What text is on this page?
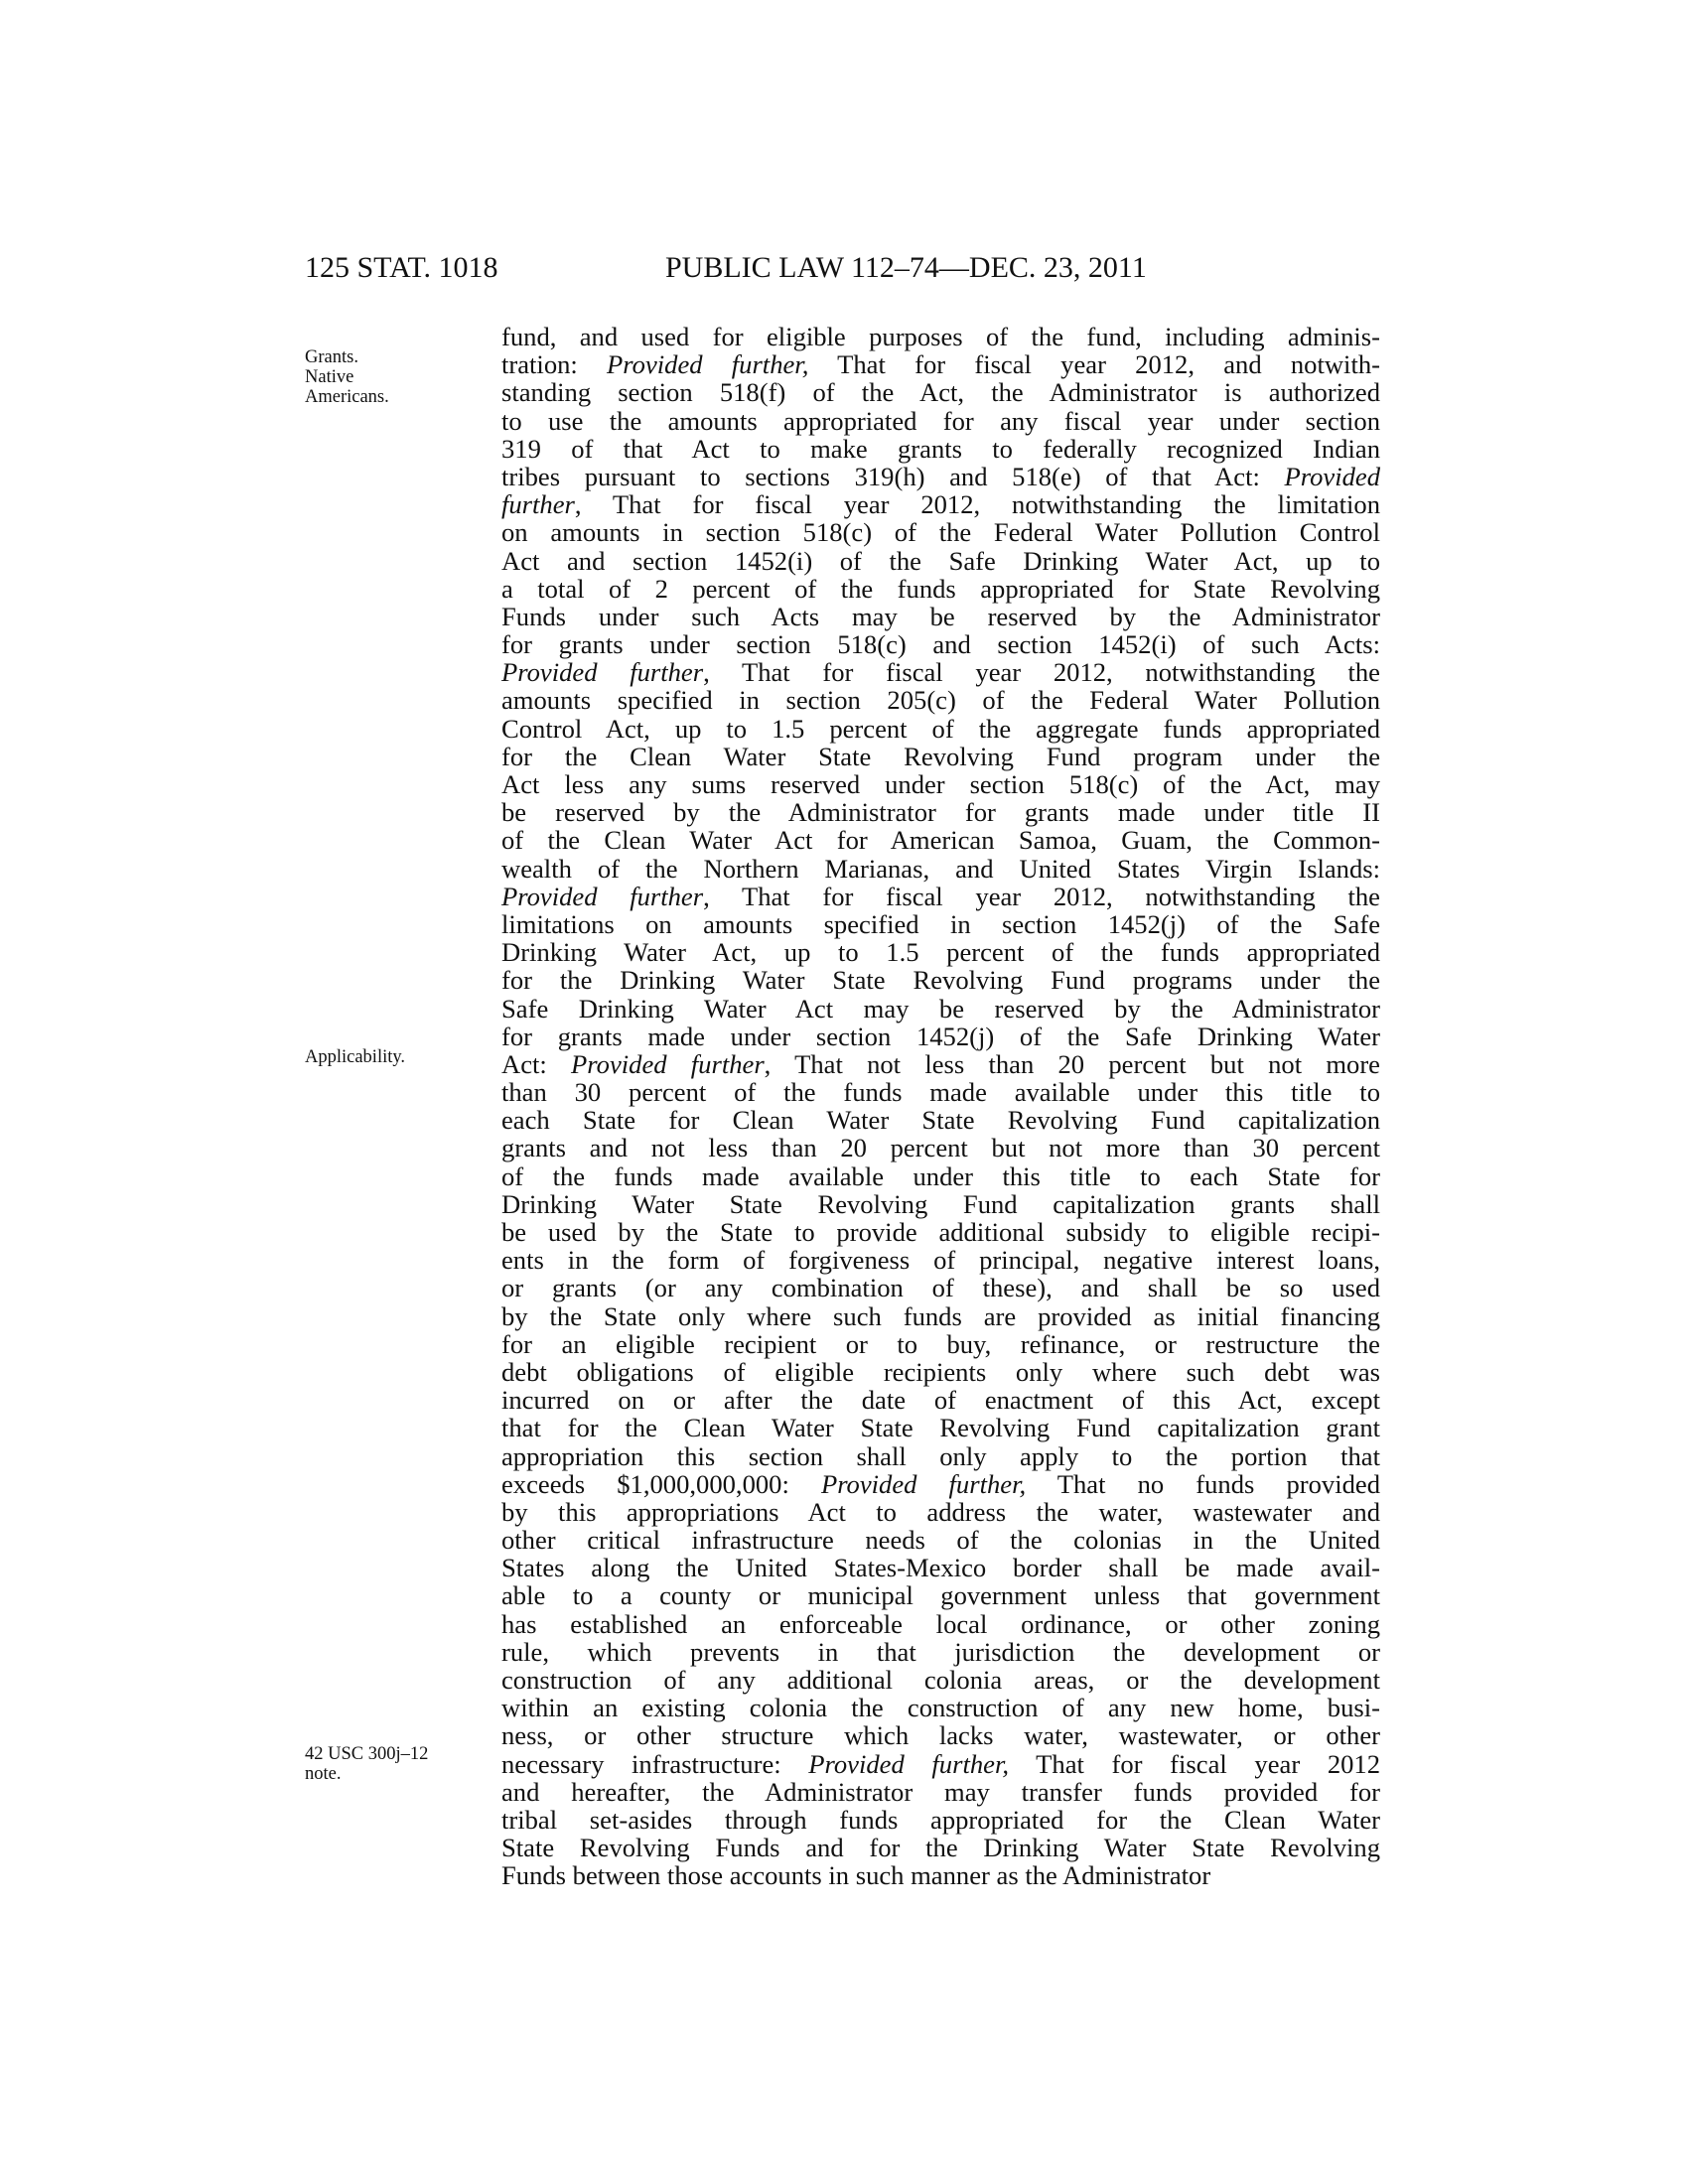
125 STAT. 1018	PUBLIC LAW 112–74—DEC. 23, 2011
Grants.
Native
Americans.
Applicability.
42 USC 300j–12
note.
fund, and used for eligible purposes of the fund, including adminis-
tration: Provided further, That for fiscal year 2012, and notwith-
standing section 518(f) of the Act, the Administrator is authorized
to use the amounts appropriated for any fiscal year under section
319 of that Act to make grants to federally recognized Indian
tribes pursuant to sections 319(h) and 518(e) of that Act: Provided
further, That for fiscal year 2012, notwithstanding the limitation
on amounts in section 518(c) of the Federal Water Pollution Control
Act and section 1452(i) of the Safe Drinking Water Act, up to
a total of 2 percent of the funds appropriated for State Revolving
Funds under such Acts may be reserved by the Administrator
for grants under section 518(c) and section 1452(i) of such Acts:
Provided further, That for fiscal year 2012, notwithstanding the
amounts specified in section 205(c) of the Federal Water Pollution
Control Act, up to 1.5 percent of the aggregate funds appropriated
for the Clean Water State Revolving Fund program under the
Act less any sums reserved under section 518(c) of the Act, may
be reserved by the Administrator for grants made under title II
of the Clean Water Act for American Samoa, Guam, the Common-
wealth of the Northern Marianas, and United States Virgin Islands:
Provided further, That for fiscal year 2012, notwithstanding the
limitations on amounts specified in section 1452(j) of the Safe
Drinking Water Act, up to 1.5 percent of the funds appropriated
for the Drinking Water State Revolving Fund programs under the
Safe Drinking Water Act may be reserved by the Administrator
for grants made under section 1452(j) of the Safe Drinking Water
Act: Provided further, That not less than 20 percent but not more
than 30 percent of the funds made available under this title to
each State for Clean Water State Revolving Fund capitalization
grants and not less than 20 percent but not more than 30 percent
of the funds made available under this title to each State for
Drinking Water State Revolving Fund capitalization grants shall
be used by the State to provide additional subsidy to eligible recipi-
ents in the form of forgiveness of principal, negative interest loans,
or grants (or any combination of these), and shall be so used
by the State only where such funds are provided as initial financing
for an eligible recipient or to buy, refinance, or restructure the
debt obligations of eligible recipients only where such debt was
incurred on or after the date of enactment of this Act, except
that for the Clean Water State Revolving Fund capitalization grant
appropriation this section shall only apply to the portion that
exceeds $1,000,000,000: Provided further, That no funds provided
by this appropriations Act to address the water, wastewater and
other critical infrastructure needs of the colonias in the United
States along the United States-Mexico border shall be made avail-
able to a county or municipal government unless that government
has established an enforceable local ordinance, or other zoning
rule, which prevents in that jurisdiction the development or
construction of any additional colonia areas, or the development
within an existing colonia the construction of any new home, busi-
ness, or other structure which lacks water, wastewater, or other
necessary infrastructure: Provided further, That for fiscal year 2012
and hereafter, the Administrator may transfer funds provided for
tribal set-asides through funds appropriated for the Clean Water
State Revolving Funds and for the Drinking Water State Revolving
Funds between those accounts in such manner as the Administrator
